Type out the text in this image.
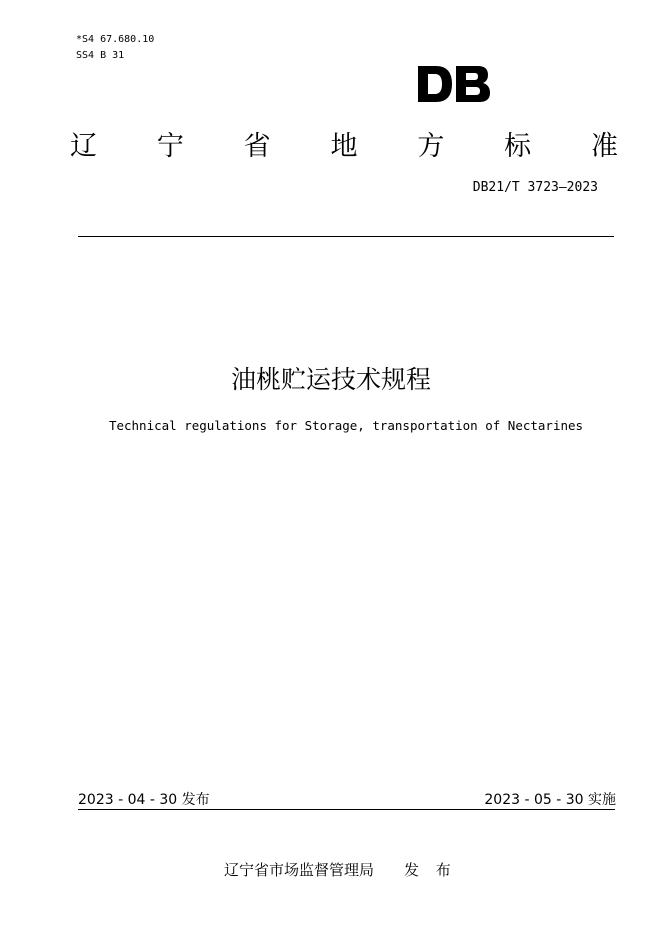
*S4 67.680.10
SS4 B 31
辽 宁 省 地 方 标 准
DB21/T 3723—2023
油桃贮运技术规程
Technical regulations for Storage, transportation of Nectarines
2023 - 04 - 30 发布	2023 - 05 - 30 实施
辽宁省市场监督管理局 发 布
